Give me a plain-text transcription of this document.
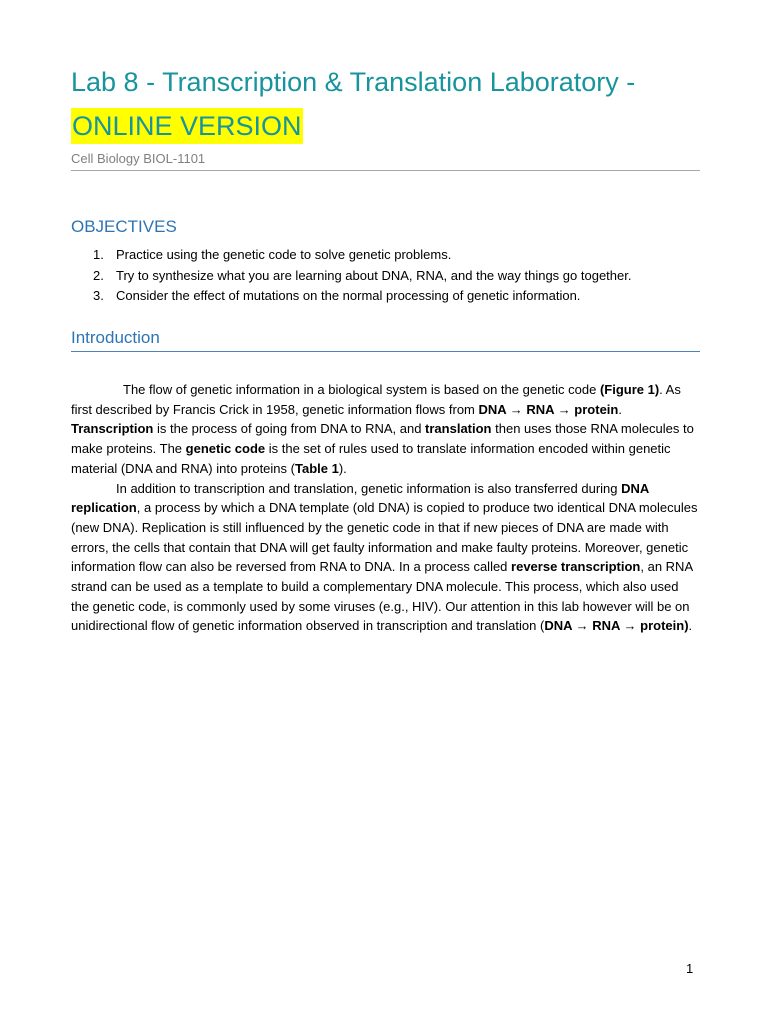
Lab 8 - Transcription & Translation Laboratory -
ONLINE VERSION
Cell Biology BIOL-1101
OBJECTIVES
1. Practice using the genetic code to solve genetic problems.
2. Try to synthesize what you are learning about DNA, RNA, and the way things go together.
3. Consider the effect of mutations on the normal processing of genetic information.
Introduction

The flow of genetic information in a biological system is based on the genetic code (Figure 1). As first described by Francis Crick in 1958, genetic information flows from DNA → RNA → protein. Transcription is the process of going from DNA to RNA, and translation then uses those RNA molecules to make proteins. The genetic code is the set of rules used to translate information encoded within genetic material (DNA and RNA) into proteins (Table 1).

In addition to transcription and translation, genetic information is also transferred during DNA replication, a process by which a DNA template (old DNA) is copied to produce two identical DNA molecules (new DNA). Replication is still influenced by the genetic code in that if new pieces of DNA are made with errors, the cells that contain that DNA will get faulty information and make faulty proteins. Moreover, genetic information flow can also be reversed from RNA to DNA. In a process called reverse transcription, an RNA strand can be used as a template to build a complementary DNA molecule. This process, which also used the genetic code, is commonly used by some viruses (e.g., HIV). Our attention in this lab however will be on unidirectional flow of genetic information observed in transcription and translation (DNA → RNA → protein).

1
